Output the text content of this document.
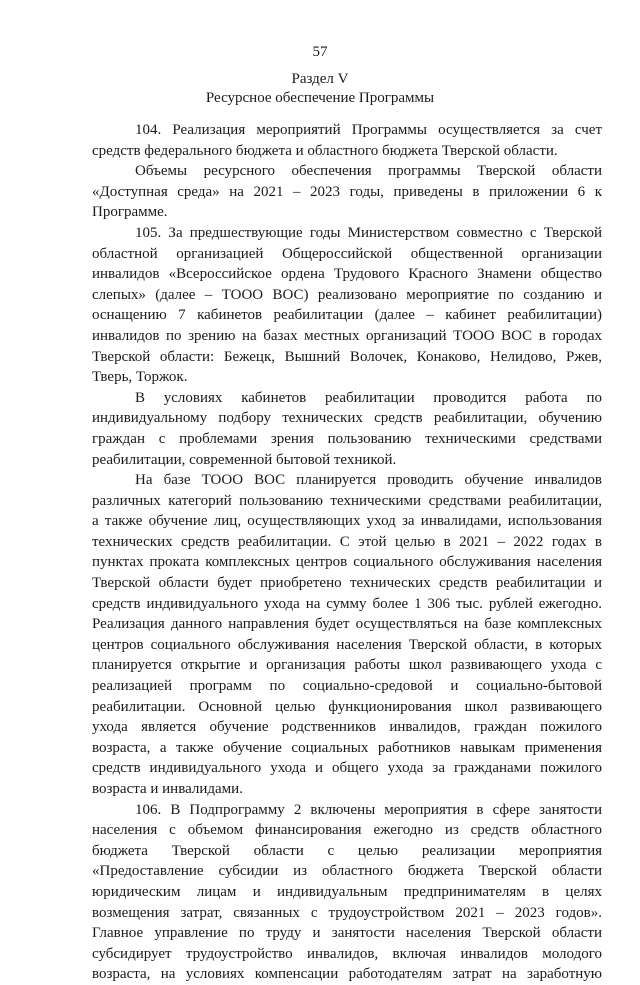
57
Раздел V
Ресурсное обеспечение Программы
104. Реализация мероприятий Программы осуществляется за счет
средств федерального бюджета и областного бюджета Тверской области.
Объемы ресурсного обеспечения программы Тверской области
«Доступная среда» на 2021 – 2023 годы, приведены в приложении 6 к
Программе.
105. За предшествующие годы Министерством совместно с Тверской
областной организацией Общероссийской общественной организации
инвалидов «Всероссийское ордена Трудового Красного Знамени общество
слепых» (далее – ТООО ВОС) реализовано мероприятие по созданию и
оснащению 7 кабинетов реабилитации (далее – кабинет реабилитации)
инвалидов по зрению на базах местных организаций ТООО ВОС в городах
Тверской области: Бежецк, Вышний Волочек, Конаково, Нелидово, Ржев,
Тверь, Торжок.
В условиях кабинетов реабилитации проводится работа по
индивидуальному подбору технических средств реабилитации, обучению
граждан с проблемами зрения пользованию техническими средствами
реабилитации, современной бытовой техникой.
На базе ТООО ВОС планируется проводить обучение инвалидов
различных категорий пользованию техническими средствами реабилитации,
а также обучение лиц, осуществляющих уход за инвалидами, использования
технических средств реабилитации. С этой целью в 2021 – 2022 годах в
пунктах проката комплексных центров социального обслуживания населения
Тверской области будет приобретено технических средств реабилитации и
средств индивидуального ухода на сумму более 1 306 тыс. рублей ежегодно.
Реализация данного направления будет осуществляться на базе комплексных
центров социального обслуживания населения Тверской области, в которых
планируется открытие и организация работы школ развивающего ухода с
реализацией программ по социально-средовой и социально-бытовой
реабилитации. Основной целью функционирования школ развивающего
ухода является обучение родственников инвалидов, граждан пожилого
возраста, а также обучение социальных работников навыкам применения
средств индивидуального ухода и общего ухода за гражданами пожилого
возраста и инвалидами.
106. В Подпрограмму 2 включены мероприятия в сфере занятости
населения с объемом финансирования ежегодно из средств областного
бюджета Тверской области с целью реализации мероприятия
«Предоставление субсидии из областного бюджета Тверской области
юридическим лицам и индивидуальным предпринимателям в целях
возмещения затрат, связанных с трудоустройством 2021 – 2023 годов».
Главное управление по труду и занятости населения Тверской области
субсидирует трудоустройство инвалидов, включая инвалидов молодого
возраста, на условиях компенсации работодателям затрат на заработную
